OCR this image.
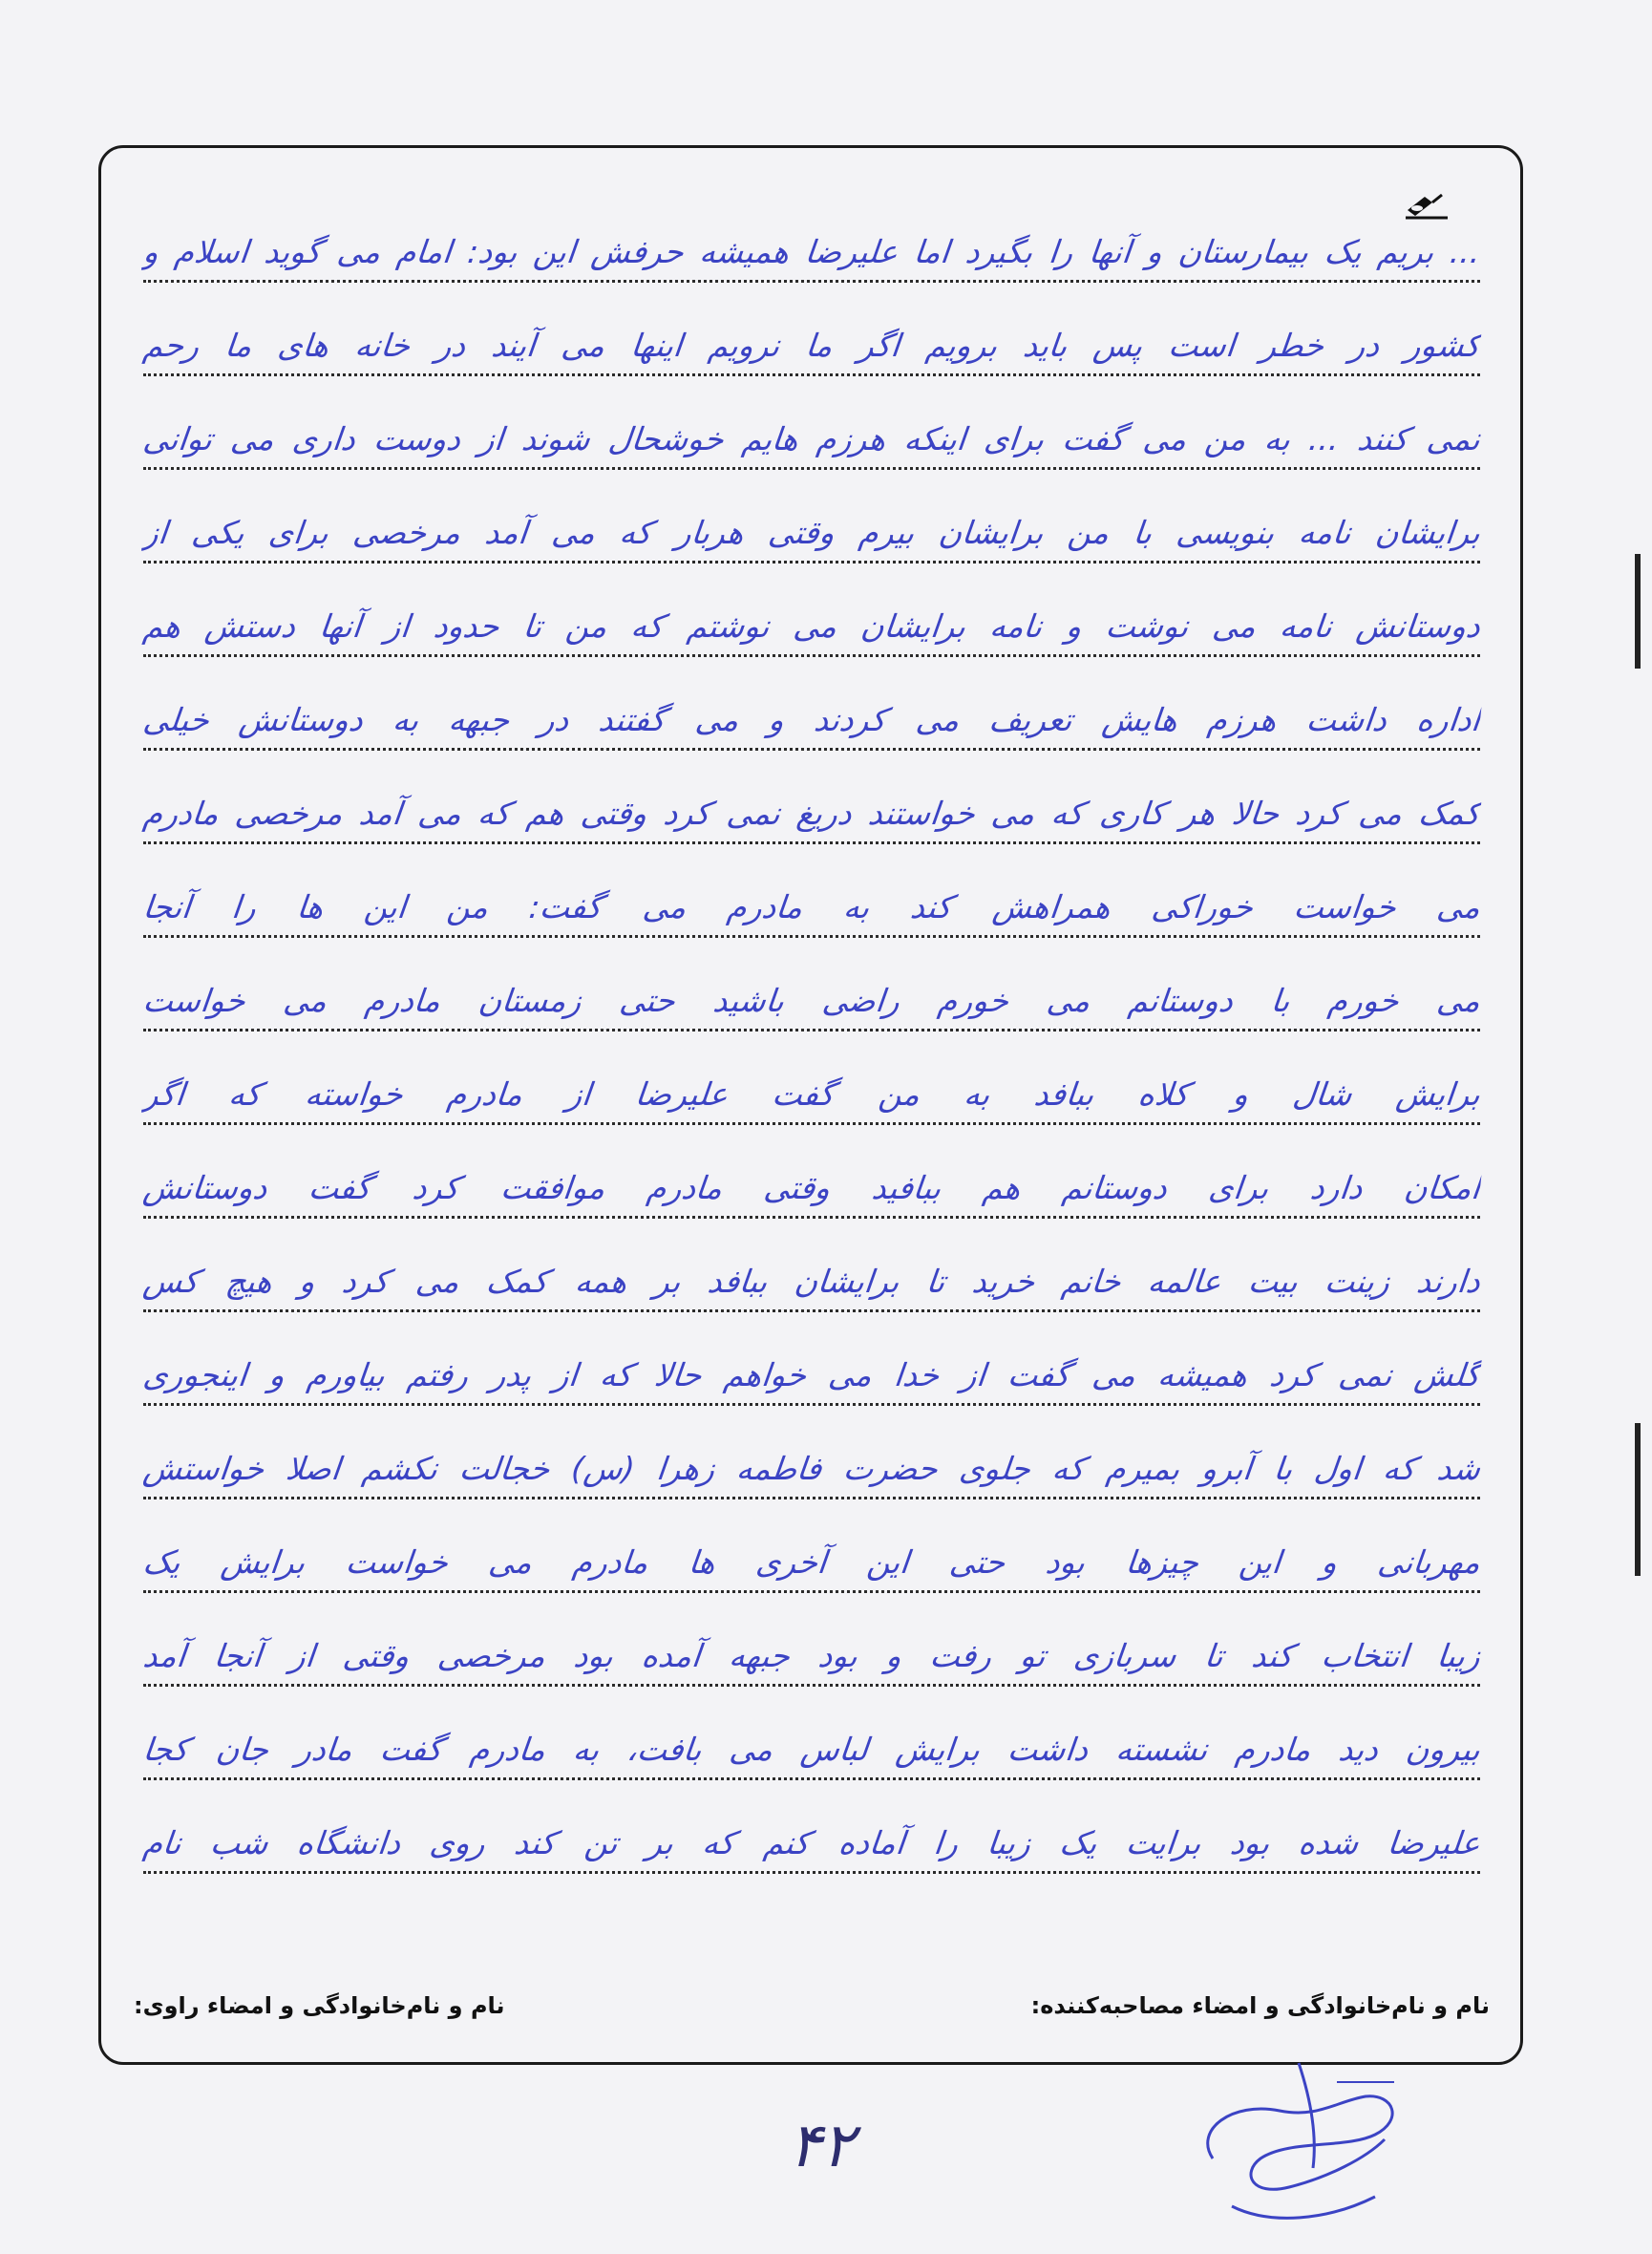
... بریم یک بیمارستان و آنها را بگیرد اما علیرضا همیشه حرفش این بود: امام می گوید اسلام و
کشور در خطر است پس باید برویم اگر ما نرویم اینها می آیند در خانه های ما رحم
نمی کنند ... به من می گفت برای اینکه هرزم هایم خوشحال شوند از دوست داری می توانی
برایشان نامه بنویسی با من برایشان بیرم وقتی هربار که می آمد مرخصی برای یکی از
دوستانش نامه می نوشت و نامه برایشان می نوشتم که من تا حدود از آنها دستش هم
اداره داشت هرزم هایش تعریف می کردند و می گفتند در جبهه به دوستانش خیلی
کمک می کرد حالا هر کاری که می خواستند دریغ نمی کرد وقتی هم که می آمد مرخصی مادرم
می خواست خوراکی همراهش کند به مادرم می گفت: من این ها را آنجا
می خورم با دوستانم می خورم راضی باشید حتی زمستان مادرم می خواست
برایش شال و کلاه ببافد به من گفت علیرضا از مادرم خواسته که اگر
امکان دارد برای دوستانم هم ببافید وقتی مادرم موافقت کرد گفت دوستانش
دارند زینت بیت عالمه خانم خرید تا برایشان ببافد بر همه کمک می کرد و هیچ کس
گلش نمی کرد همیشه می گفت از خدا می خواهم حالا که از پدر رفتم بیاورم و اینجوری
شد که اول با آبرو بمیرم که جلوی حضرت فاطمه زهرا (س) خجالت نکشم اصلا خواستش
مهربانی و این چیزها بود حتی این آخری ها مادرم می خواست برایش یک
زیبا انتخاب کند تا سربازی تو رفت و بود جبهه آمده بود مرخصی وقتی از آنجا آمد
بیرون دید مادرم نشسته داشت برایش لباس می بافت، به مادرم گفت مادر جان کجا
علیرضا شده بود برایت یک زیبا را آماده کنم که بر تن کند روی دانشگاه شب نام
نام و نام‌خانوادگی و امضاء مصاحبه‌کننده:
نام و نام‌خانوادگی و امضاء راوی:
۴۲
